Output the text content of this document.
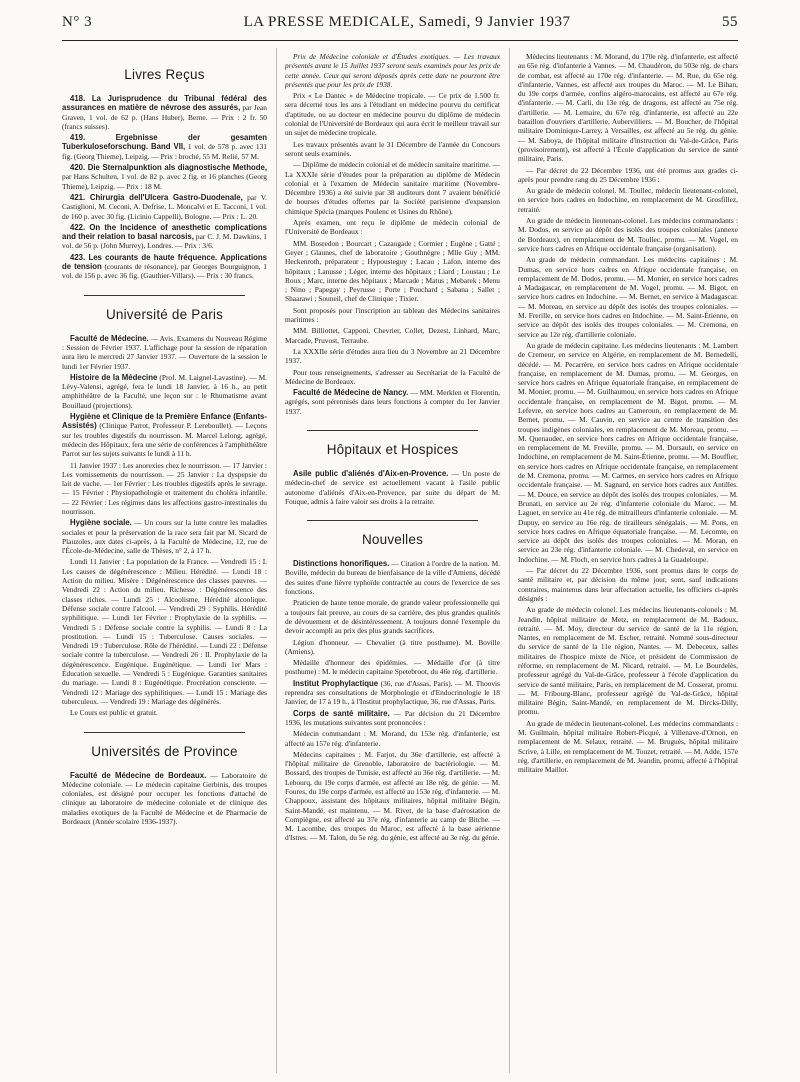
N° 3	LA PRESSE MEDICALE, Samedi, 9 Janvier 1937	55
Livres Reçus

418. La Jurisprudence du Tribunal fédéral des assurances en matière de névrose des assurés, par Jean Graven, 1 vol. de 62 p. (Hans Huber), Berne. — Prix : 2 fr. 50 (francs suisses).

419. Ergebnisse der gesamten Tuberkuloseforschung. Band VII, 1 vol. de 578 p. avec 131 fig. (Georg Thieme), Leipzig. — Prix : broché, 55 M. Relié, 57 M.

420. Die Sternalpunktion als diagnostische Methode, par Hans Schulten, 1 vol. de 82 p. avec 2 fig. et 16 planches (Georg Thieme), Leipzig. — Prix : 18 M.

421. Chirurgia dell'Ulcera Gastro-Duodenale, par V. Castiglioni, M. Ceconi, A. Defrise, L. Moncalvi et E. Tacconi, 1 vol. de 160 p. avec 30 fig. (Licinio Cappelli), Bologne. — Prix : L. 20.

422. On the Incidence of anesthetic complications and their relation to basal narcosis, par C. J. M. Dawkins, 1 vol. de 56 p. (John Murrey), Londres. — Prix : 3/6.

423. Les courants de haute fréquence. Applications de tension (courants de résonance), par Georges Bourguignon, 1 vol. de 156 p. avec 36 fig. (Gauthier-Villars). — Prix : 30 francs.

Université de Paris

Faculté de Médecine. — Avis. Examens du Nouveau Régime : Session de Février 1937. L'affichage pour la session de réparation aura lieu le mercredi 27 Janvier 1937. — Ouverture de la session le lundi 1er Février 1937.

Histoire de la Médecine (Prof. M. Laignel-Lavastine). — M. Lévy-Valensi, agrégé, fera le lundi 18 Janvier, à 16 h., au petit amphithéâtre de la Faculté, une leçon sur : le Rhumatisme avant Bouillaud (projections).

Hygiène et Clinique de la Première Enfance (Enfants-Assistés) (Clinique Parrot, Professeur P. Lereboullet). — Leçons sur les troubles digestifs du nourrisson. M. Marcel Lelong, agrégé, médecin des Hôpitaux, fera une série de conférences à l'amphithéâtre Parrot sur les sujets suivants le lundi à 11 h.

11 Janvier 1937 : Les anorexies chez le nourrisson. — 17 Janvier : Les vomissements du nourrisson. — 25 Janvier : La dyspepsie du lait de vache. — 1er Février : Les troubles digestifs après le sevrage. — 15 Février : Physiopathologie et traitement du choléra infantile. — 22 Février : Les régimes dans les affections gastro-intestinales du nourrisson.

Hygiène sociale. — Un cours sur la lutte contre les maladies sociales et pour la préservation de la race sera fait par M. Sicard de Plauzoles, aux dates ci-après, à la Faculté de Médecine, 12, rue de l'École-de-Médecine, salle de Thèses, n° 2, à 17 h.

Lundi 11 Janvier : La population de la France. — Vendredi 15 : I. Les causes de dégénérescence : Milieu. Hérédité. — Lundi 18 : Action du milieu. Misère : Dégénérescence des classes pauvres. — Vendredi 22 : Action du milieu. Richesse : Dégénérescence des classes riches. — Lundi 25 : Alcoolisme. Hérédité alcoolique. Défense sociale contre l'alcool. — Vendredi 29 : Syphilis. Hérédité syphilitique. — Lundi 1er Février : Prophylaxie de la syphilis. — Vendredi 5 : Défense sociale contre la syphilis. — Lundi 8 : La prostitution. — Lundi 15 : Tuberculose. Causes sociales. — Vendredi 19 : Tuberculose. Rôle de l'hérédité. — Lundi 22 : Défense sociale contre la tuberculose. — Vendredi 26 : II. Prophylaxie de la dégénérescence. Eugénique. Eugénétique. — Lundi 1er Mars : Éducation sexuelle. — Vendredi 5 : Eugénique. Garanties sanitaires du mariage. — Lundi 8 : Eugénétique. Procréation consciente. — Vendredi 12 : Mariage des syphilitiques. — Lundi 15 : Mariage des tuberculeux. — Vendredi 19 : Mariage des dégénérés.

Le Cours est public et gratuit.

Universités de Province

Faculté de Médecine de Bordeaux. — Laboratoire de Médecine coloniale. — Le médecin capitaine Gerbinis, des troupes coloniales, est désigné pour occuper les fonctions d'attaché de clinique au laboratoire de médecine coloniale et de clinique des maladies exotiques de la Faculté de Médecine et de Pharmacie de Bordeaux (Année scolaire 1936-1937).

Prix de Médecine coloniale et d'Études exotiques. — Les travaux présentés avant le 15 Juillet 1937 seront seuls examinés pour les prix de cette année. Ceux qui seront déposés après cette date ne pourront être présentés que pour les prix de 1938.

Prix « Le Dantec » de Médecine tropicale. — Ce prix de 1.500 fr. sera décerné tous les ans à l'étudiant en médecine pourvu du certificat d'aptitude, ou au docteur en médecine pourvu du diplôme de médecin colonial de l'Université de Bordeaux qui aura écrit le meilleur travail sur un sujet de médecine tropicale.

Les travaux présentés avant le 31 Décembre de l'année du Concours seront seuls examinés.

— Diplôme de médecin colonial et de médecin sanitaire maritime. — La XXXIe série d'études pour la préparation au diplôme de Médecin colonial et à l'examen de Médecin sanitaire maritime (Novembre-Décembre 1936) a été suivie par 38 auditeurs dont 7 avaient bénéficié de bourses d'études offertes par la Société parisienne d'expansion chimique Spécia (marques Poulenc et Usines du Rhône).

Après examen, ont reçu le diplôme de médecin colonial de l'Université de Bordeaux :

MM. Bosredon ; Bourcart ; Cazaugade ; Cormier ; Eugène ; Gatté ; Geyer ; Glaunes, chef de laboratoire ; Gouthnègre ; Mlle Guy ; MM. Heckenroth, préparateur ; Hypousteguy ; Lacau ; Lafon, interne des hôpitaux ; Lanusse ; Léger, interne des hôpitaux ; Liard ; Loustau ; Le Roux ; Marc, interne des hôpitaux ; Marcade ; Matus ; Mebarek ; Menu ; Nino ; Papegay ; Peyrusse ; Porte ; Pouchard ; Sabana ; Sallet ; Shaarawi ; Souneil, chef de Clinique ; Tixier.

Sont proposés pour l'inscription au tableau des Médecins sanitaires maritimes :

MM. Billiottet, Capponi, Chevrier, Collet, Dezest, Linhard, Marc, Marcade, Pruvost, Terraube.

La XXXIIe série d'études aura lieu du 3 Novembre au 21 Décembre 1937.

Pour tous renseignements, s'adresser au Secrétariat de la Faculté de Médecine de Bordeaux.

Faculté de Médecine de Nancy. — MM. Merklen et Florentin, agrégés, sont pérennisés dans leurs fonctions à compter du 1er Janvier 1937.

Hôpitaux et Hospices

Asile public d'aliénés d'Aix-en-Provence. — Un poste de médecin-chef de service est actuellement vacant à l'asile public autonome d'aliénés d'Aix-en-Provence, par suite du départ de M. Fouque, admis à faire valoir ses droits à la retraite.

Nouvelles

Distinctions honorifiques. — Citation à l'ordre de la nation. M. Boville, médecin du bureau de bienfaisance de la ville d'Amiens, décédé des suites d'une fièvre typhoïde contractée au cours de l'exercice de ses fonctions.

Praticien de haute tenue morale, de grande valeur professionnelle qui a toujours fait preuve, au cours de sa carrière, des plus grandes qualités de dévouement et de désintéressement. A toujours donné l'exemple du devoir accompli au prix des plus grands sacrifices.

Légion d'honneur. — Chevalier (à titre posthume). M. Boville (Amiens).

Médaille d'honneur des épidémies. — Médaille d'or (à titre posthume) : M. le médecin capitaine Spetebroot, du 46e rég. d'artillerie.

Institut Prophylactique (36, rue d'Assas, Paris). — M. Thoovis reprendra ses consultations de Morphologie et d'Endocrinologie le 18 Janvier, de 17 à 19 h., à l'Institut prophylactique, 36, rue d'Assas, Paris.

Corps de santé militaire. — Par décision du 21 Décembre 1936, les mutations suivantes sont prononcées :

Médecin commandant : M. Morand, du 153e rég. d'infanterie, est affecté au 157e rég. d'infanterie.

Médecins capitaines : M. Farjot, du 36e d'artillerie, est affecté à l'hôpital militaire de Grenoble, laboratoire de bactériologie. — M. Bossard, des troupes de Tunisie, est affecté au 36e rég. d'artillerie. — M. Lebourq, du 19e corps d'armée, est affecté au 18e rég. de génie. — M. Foures, du 19e corps d'armée, est affecté au 153e rég. d'infanterie. — M. Chappoux, assistant des hôpitaux militaires, hôpital militaire Bégin, Saint-Mandé, est maintenu. — M. Rivet, de la base d'aérostation de Compiègne, est affecté au 37e rég. d'infanterie au camp de Bitche. — M. Lacombe, des troupes du Maroc, est affecté à la base aérienne d'Istres. — M. Talon, du 5e rég. du génie, est affecté au 3e rég. du génie.

Médecins lieutenants : M. Morand, du 170e rég. d'infanterie, est affecté au 65e rég. d'infanterie à Vannes. — M. Chaudéron, du 503e rég. de chars de combat, est affecté au 170e rég. d'infanterie. — M. Rue, du 65e rég. d'infanterie, Vannes, est affecté aux troupes du Maroc. — M. Le Bihan, du 19e corps d'armée, confins algéro-marocains, est affecté au 67e rég. d'infanterie. — M. Carli, du 13e rég. de dragons, est affecté au 75e rég. d'artillerie. — M. Lemaire, du 67e rég. d'infanterie, est affecté au 22e bataillon d'ouvriers d'artillerie, Aubervilliers. — M. Boucher, de l'hôpital militaire Dominique-Larrey, à Versailles, est affecté au 5e rég. du génie. — M. Saboya, de l'hôpital militaire d'instruction du Val-de-Grâce, Paris (provisoirement), est affecté à l'École d'application du service de santé militaire, Paris.

— Par décret du 22 Décembre 1936, ont été promus aux grades ci-après pour prendre rang du 25 Décembre 1936 :

Au grade de médecin colonel. M. Toullec, médecin lieutenant-colonel, en service hors cadres en Indochine, en remplacement de M. Grosfillez, retraité.

Au grade de médecin lieutenant-colonel. Les médecins commandants : M. Dodos, en service au dépôt des isolés des troupes coloniales (annexe de Bordeaux), en remplacement de M. Toullec, promu. — M. Vogel, en service hors cadres en Afrique occidentale française (organisation).

Au grade de médecin commandant. Les médecins capitaines : M. Dumas, en service hors cadres en Afrique occidentale française, en remplacement de M. Dodos, promu. — M. Monier, en service hors cadres à Madagascar, en remplacement de M. Vogel, promu. — M. Bigot, en service hors cadres en Indochine. — M. Bernet, en service à Madagascar. — M. Moreau, en service au dépôt des isolés des troupes coloniales. — M. Frerille, en service hors cadres en Indochine. — M. Saint-Étienne, en service au dépôt des isolés des troupes coloniales. — M. Cremona, en service au 12e rég. d'artillerie coloniale.

Au grade de médecin capitaine. Les médecins lieutenants : M. Lambert de Cremeur, en service en Algérie, en remplacement de M. Bernedelli, décédé. — M. Pecarrère, en service hors cadres en Afrique occidentale française, en remplacement de M. Dumas, promu. — M. Georges, en service hors cadres en Afrique équatoriale française, en remplacement de M. Monier, promu. — M. Guilhaumou, en service hors cadres en Afrique occidentale française, en remplacement de M. Bigot, promu. — M. Lefevre, en service hors cadres au Cameroun, en remplacement de M. Bernet, promu. — M. Cauvin, en service au centre de transition des troupes indigènes coloniales, en remplacement de M. Moreau, promu. — M. Quenaudec, en service hors cadres en Afrique occidentale française, en remplacement de M. Freville, promu. — M. Dorsault, en service en Indochine, en remplacement de M. Saint-Étienne, promu. — M. Bouffier, en service hors cadres en Afrique occidentale française, en remplacement de M. Cremona, promu. — M. Carmes, en service hors cadres en Afrique occidentale française. — M. Sagnard, en service hors cadres aux Antilles. — M. Douce, en service au dépôt des isolés des troupes coloniales. — M. Brunati, en service au 2e rég. d'infanterie coloniale du Maroc. — M. Laguet, en service au 41e rég. de mitrailleurs d'infanterie coloniale. — M. Dupuy, en service au 16e rég. de tirailleurs sénégalais. — M. Pons, en service hors cadres en Afrique équatoriale française. — M. Lecomte, en service au dépôt des isolés des troupes coloniales. — M. Moran, en service au 23e rég. d'infanterie coloniale. — M. Chedeval, en service en Indochine. — M. Floch, en service hors cadres à la Guadeloupe.

— Par décret du 22 Décembre 1936, sont promus dans le corps de santé militaire et, par décision du même jour, sont, sauf indications contraires, maintenus dans leur affectation actuelle, les officiers ci-après désignés :

Au grade de médecin colonel. Les médecins lieutenants-colonels : M. Jeandin, hôpital militaire de Metz, en remplacement de M. Badoux, retraité. — M. Moy, directeur du service de santé de la 11e région, Nantes, en remplacement de M. Escher, retraité. Nommé sous-directeur du service de santé de la 11e région, Nantes. — M. Debeceux, salles militaires de l'hospice mixte de Nice, et président de Commission de réforme, en remplacement de M. Nicard, retraité. — M. Le Bourdelès, professeur agrégé du Val-de-Grâce, professeur à l'école d'application du service de santé militaire, Paris, en remplacement de M. Cosserat, promu. — M. Fribourg-Blanc, professeur agrégé du Val-de-Grâce, hôpital militaire Bégin, Saint-Mandé, en remplacement de M. Dircks-Dilly, promu.

Au grade de médecin lieutenant-colonel. Les médecins commandants : M. Guilmain, hôpital militaire Robert-Picqué, à Villenave-d'Ornon, en remplacement de M. Selaux, retraité. — M. Bruguès, hôpital militaire Scrive, à Lille, en remplacement de M. Touzet, retraité. — M. Adde, 157e rég. d'artillerie, en remplacement de M. Jeandin, promu, affecté à l'hôpital militaire Maillot.
